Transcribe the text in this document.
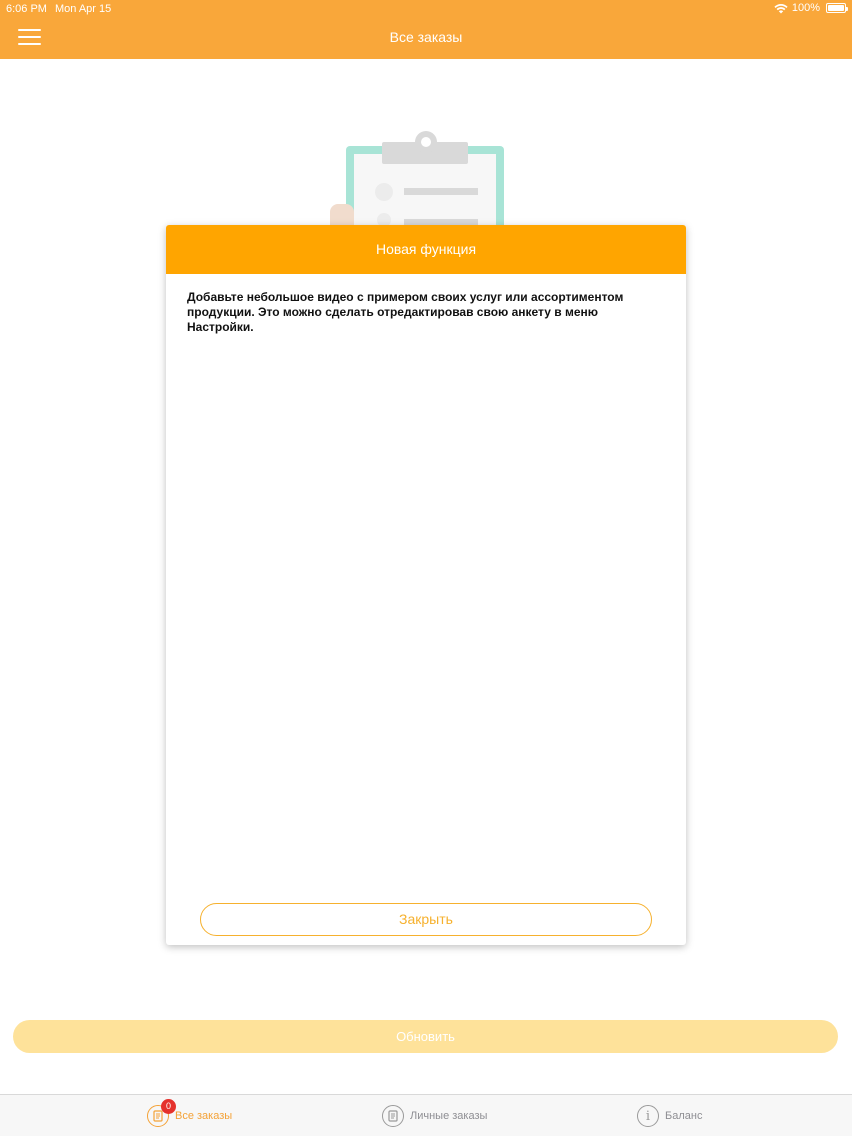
6:06 PM Mon Apr 15	100%
Все заказы
Новая функция
Добавьте небольшое видео с примером своих услуг или ассортиментом продукции. Это можно сделать отредактировав свою анкету в меню Настройки.
Закрыть
Обновить
0
Все заказы	Личные заказы	i Баланс
